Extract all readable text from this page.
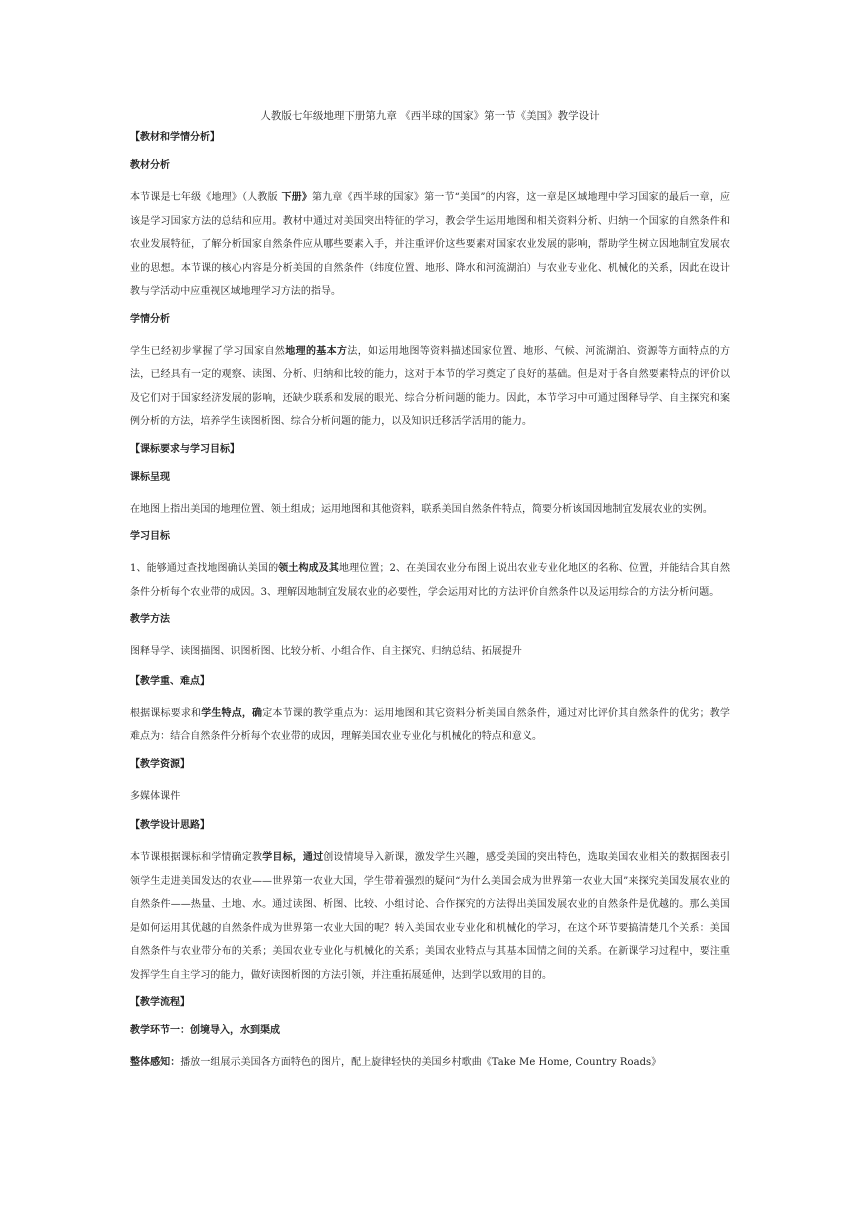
人教版七年级地理下册第九章 《西半球的国家》第一节《美国》教学设计

【教材和学情分析】

教材分析

本节课是七年级《地理》（人教版 下册》第九章《西半球的国家》第一节“美国”的内容，这一章是区域地理中学习国家的最后一章，应该是学习国家方法的总结和应用。教材中通过对美国突出特征的学习，教会学生运用地图和相关资料分析、归纳一个国家的自然条件和农业发展特征，了解分析国家自然条件应从哪些要素入手，并注重评价这些要素对国家农业发展的影响，帮助学生树立因地制宜发展农业的思想。本节课的核心内容是分析美国的自然条件（纬度位置、地形、降水和河流湖泊）与农业专业化、机械化的关系，因此在设计教与学活动中应重视区域地理学习方法的指导。

学情分析

学生已经初步掌握了学习国家自然地理的基本方法，如运用地图等资料描述国家位置、地形、气候、河流湖泊、资源等方面特点的方法，已经具有一定的观察、读图、分析、归纳和比较的能力，这对于本节的学习奠定了良好的基础。但是对于各自然要素特点的评价以及它们对于国家经济发展的影响，还缺少联系和发展的眼光、综合分析问题的能力。因此，本节学习中可通过图释导学、自主探究和案例分析的方法，培养学生读图析图、综合分析问题的能力，以及知识迁移活学活用的能力。

【课标要求与学习目标】

课标呈现

在地图上指出美国的地理位置、领土组成；运用地图和其他资料，联系美国自然条件特点，简要分析该国因地制宜发展农业的实例。

学习目标

1、能够通过查找地图确认美国的领土构成及其地理位置；2、在美国农业分布图上说出农业专业化地区的名称、位置，并能结合其自然条件分析每个农业带的成因。3、理解因地制宜发展农业的必要性，学会运用对比的方法评价自然条件以及运用综合的方法分析问题。

教学方法

图释导学、读图描图、识图析图、比较分析、小组合作、自主探究、归纳总结、拓展提升

【教学重、难点】

根据课标要求和学生特点，确定本节课的教学重点为：运用地图和其它资料分析美国自然条件，通过对比评价其自然条件的优劣；教学难点为：结合自然条件分析每个农业带的成因，理解美国农业专业化与机械化的特点和意义。

【教学资源】

多媒体课件

【教学设计思路】

本节课根据课标和学情确定教学目标，通过创设情境导入新课，激发学生兴趣，感受美国的突出特色，选取美国农业相关的数据图表引领学生走进美国发达的农业——世界第一农业大国，学生带着强烈的疑问“为什么美国会成为世界第一农业大国”来探究美国发展农业的自然条件——热量、土地、水。通过读图、析图、比较、小组讨论、合作探究的方法得出美国发展农业的自然条件是优越的。那么美国是如何运用其优越的自然条件成为世界第一农业大国的呢？转入美国农业专业化和机械化的学习，在这个环节要搞清楚几个关系：美国自然条件与农业带分布的关系；美国农业专业化与机械化的关系；美国农业特点与其基本国情之间的关系。在新课学习过程中，要注重发挥学生自主学习的能力，做好读图析图的方法引领，并注重拓展延伸，达到学以致用的目的。

【教学流程】

教学环节一：创境导入，水到渠成

整体感知：播放一组展示美国各方面特色的图片，配上旋律轻快的美国乡村歌曲《Take Me Home, Country Roads》
